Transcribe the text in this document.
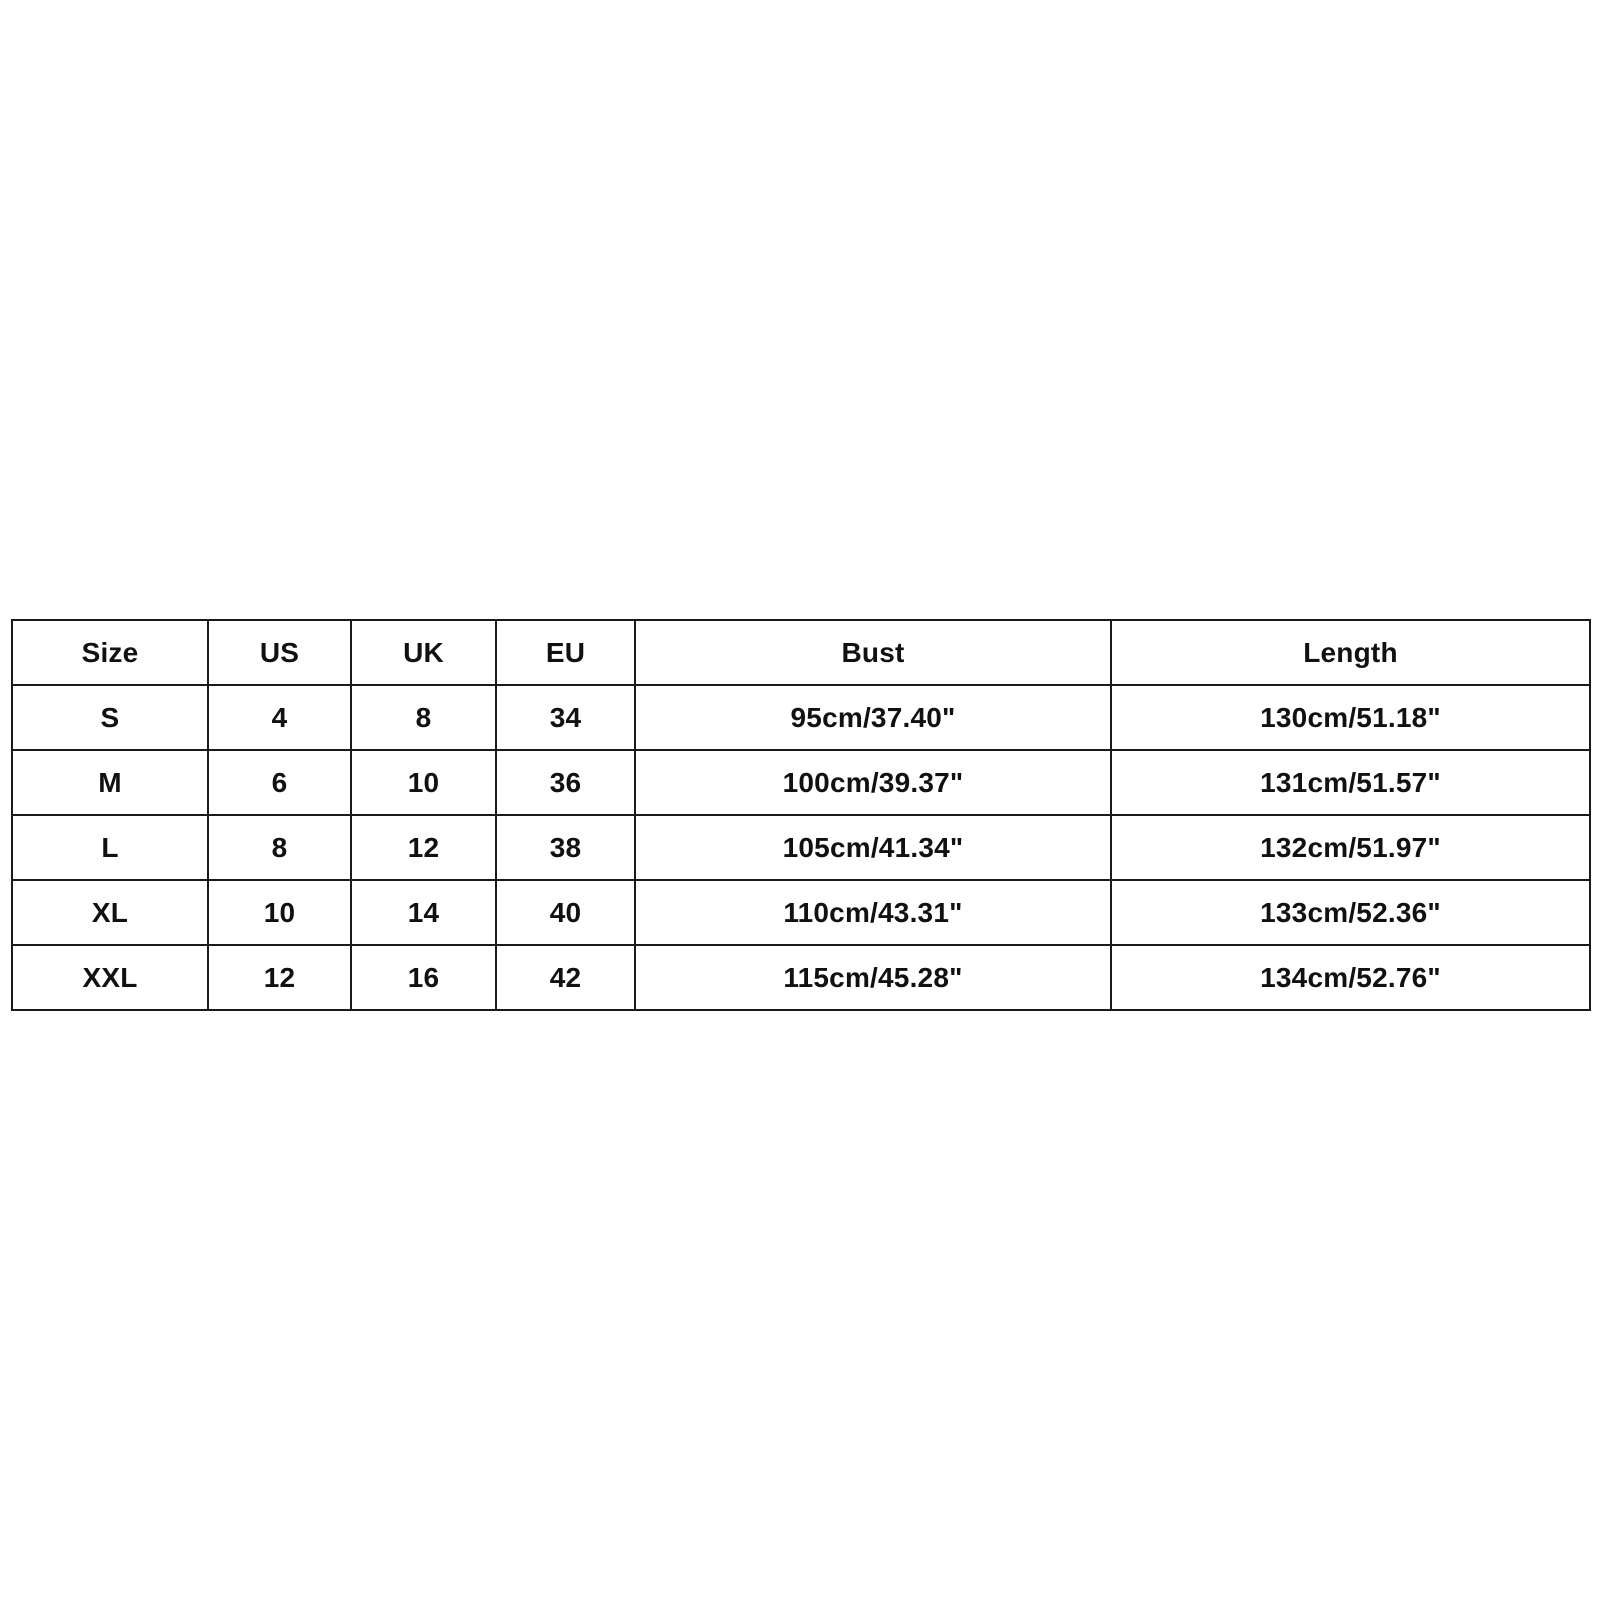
Size	US	UK	EU	Bust	Length
S	4	8	34	95cm/37.40"	130cm/51.18"
M	6	10	36	100cm/39.37"	131cm/51.57"
L	8	12	38	105cm/41.34"	132cm/51.97"
XL	10	14	40	110cm/43.31"	133cm/52.36"
XXL	12	16	42	115cm/45.28"	134cm/52.76"
